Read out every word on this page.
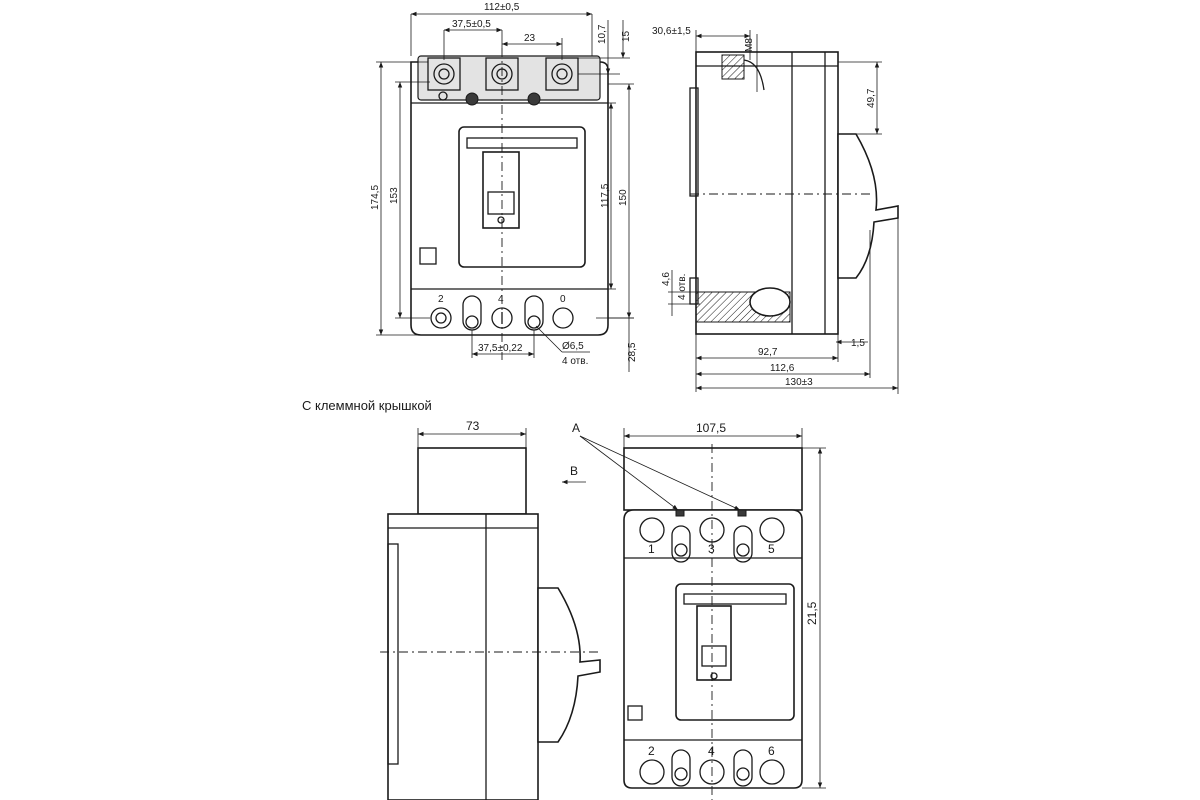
С клеммной крышкой
2	4	0
112±0,5
37,5±0,5
23	10,7 15
174,5 153	117,5 150
37,5±0,22	Ø6,5
4 отв.	28,5
30,6±1,5
M8
49,7
4,6 4 отв.
1,5
92,7
112,6
130±3
73
B
1	3	5
2	4	6
107,5
21,5
A
